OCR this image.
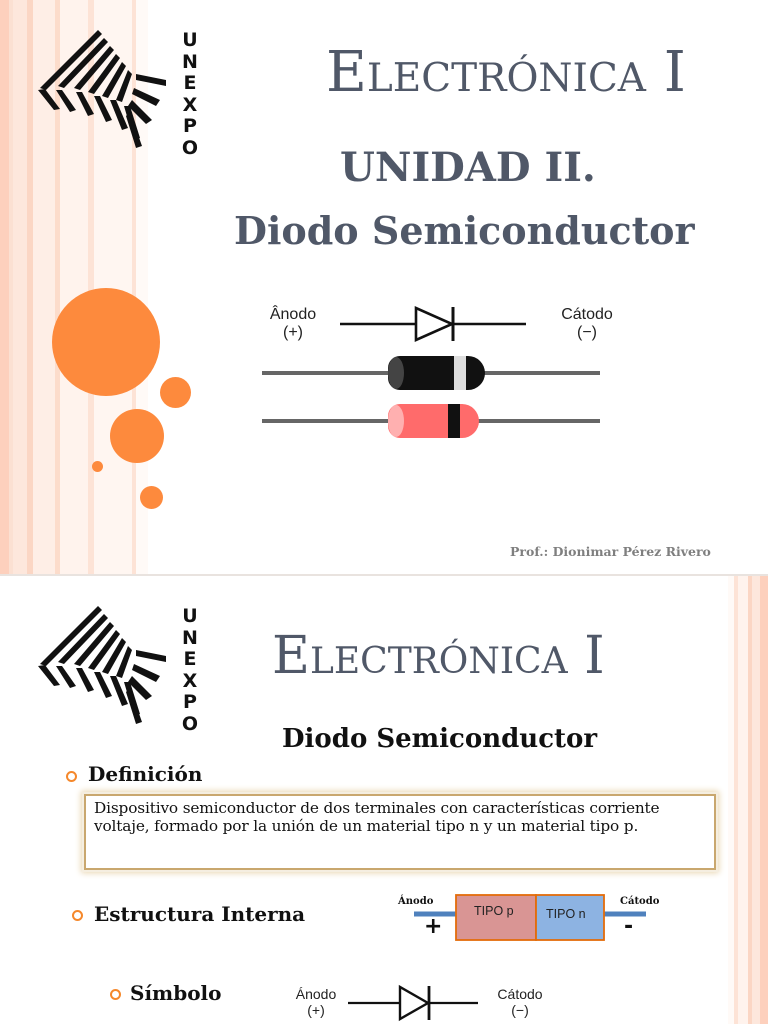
U
N
E
X
P
O
Electrónica I
UNIDAD II.
Diodo Semiconductor
Ânodo
(+)
Cátodo
(−)
Prof.: Dionimar Pérez Rivero
U
N
E
X
P
O
Electrónica I
Diodo Semiconductor
Definición
Dispositivo semiconductor de dos terminales con características corriente voltaje, formado por la unión de un material tipo n y un material tipo p.
Estructura Interna
Ánodo	Cátodo
TIPO p	TIPO n
+	-
Símbolo	Ánodo
(+)
Cátodo
(−)
